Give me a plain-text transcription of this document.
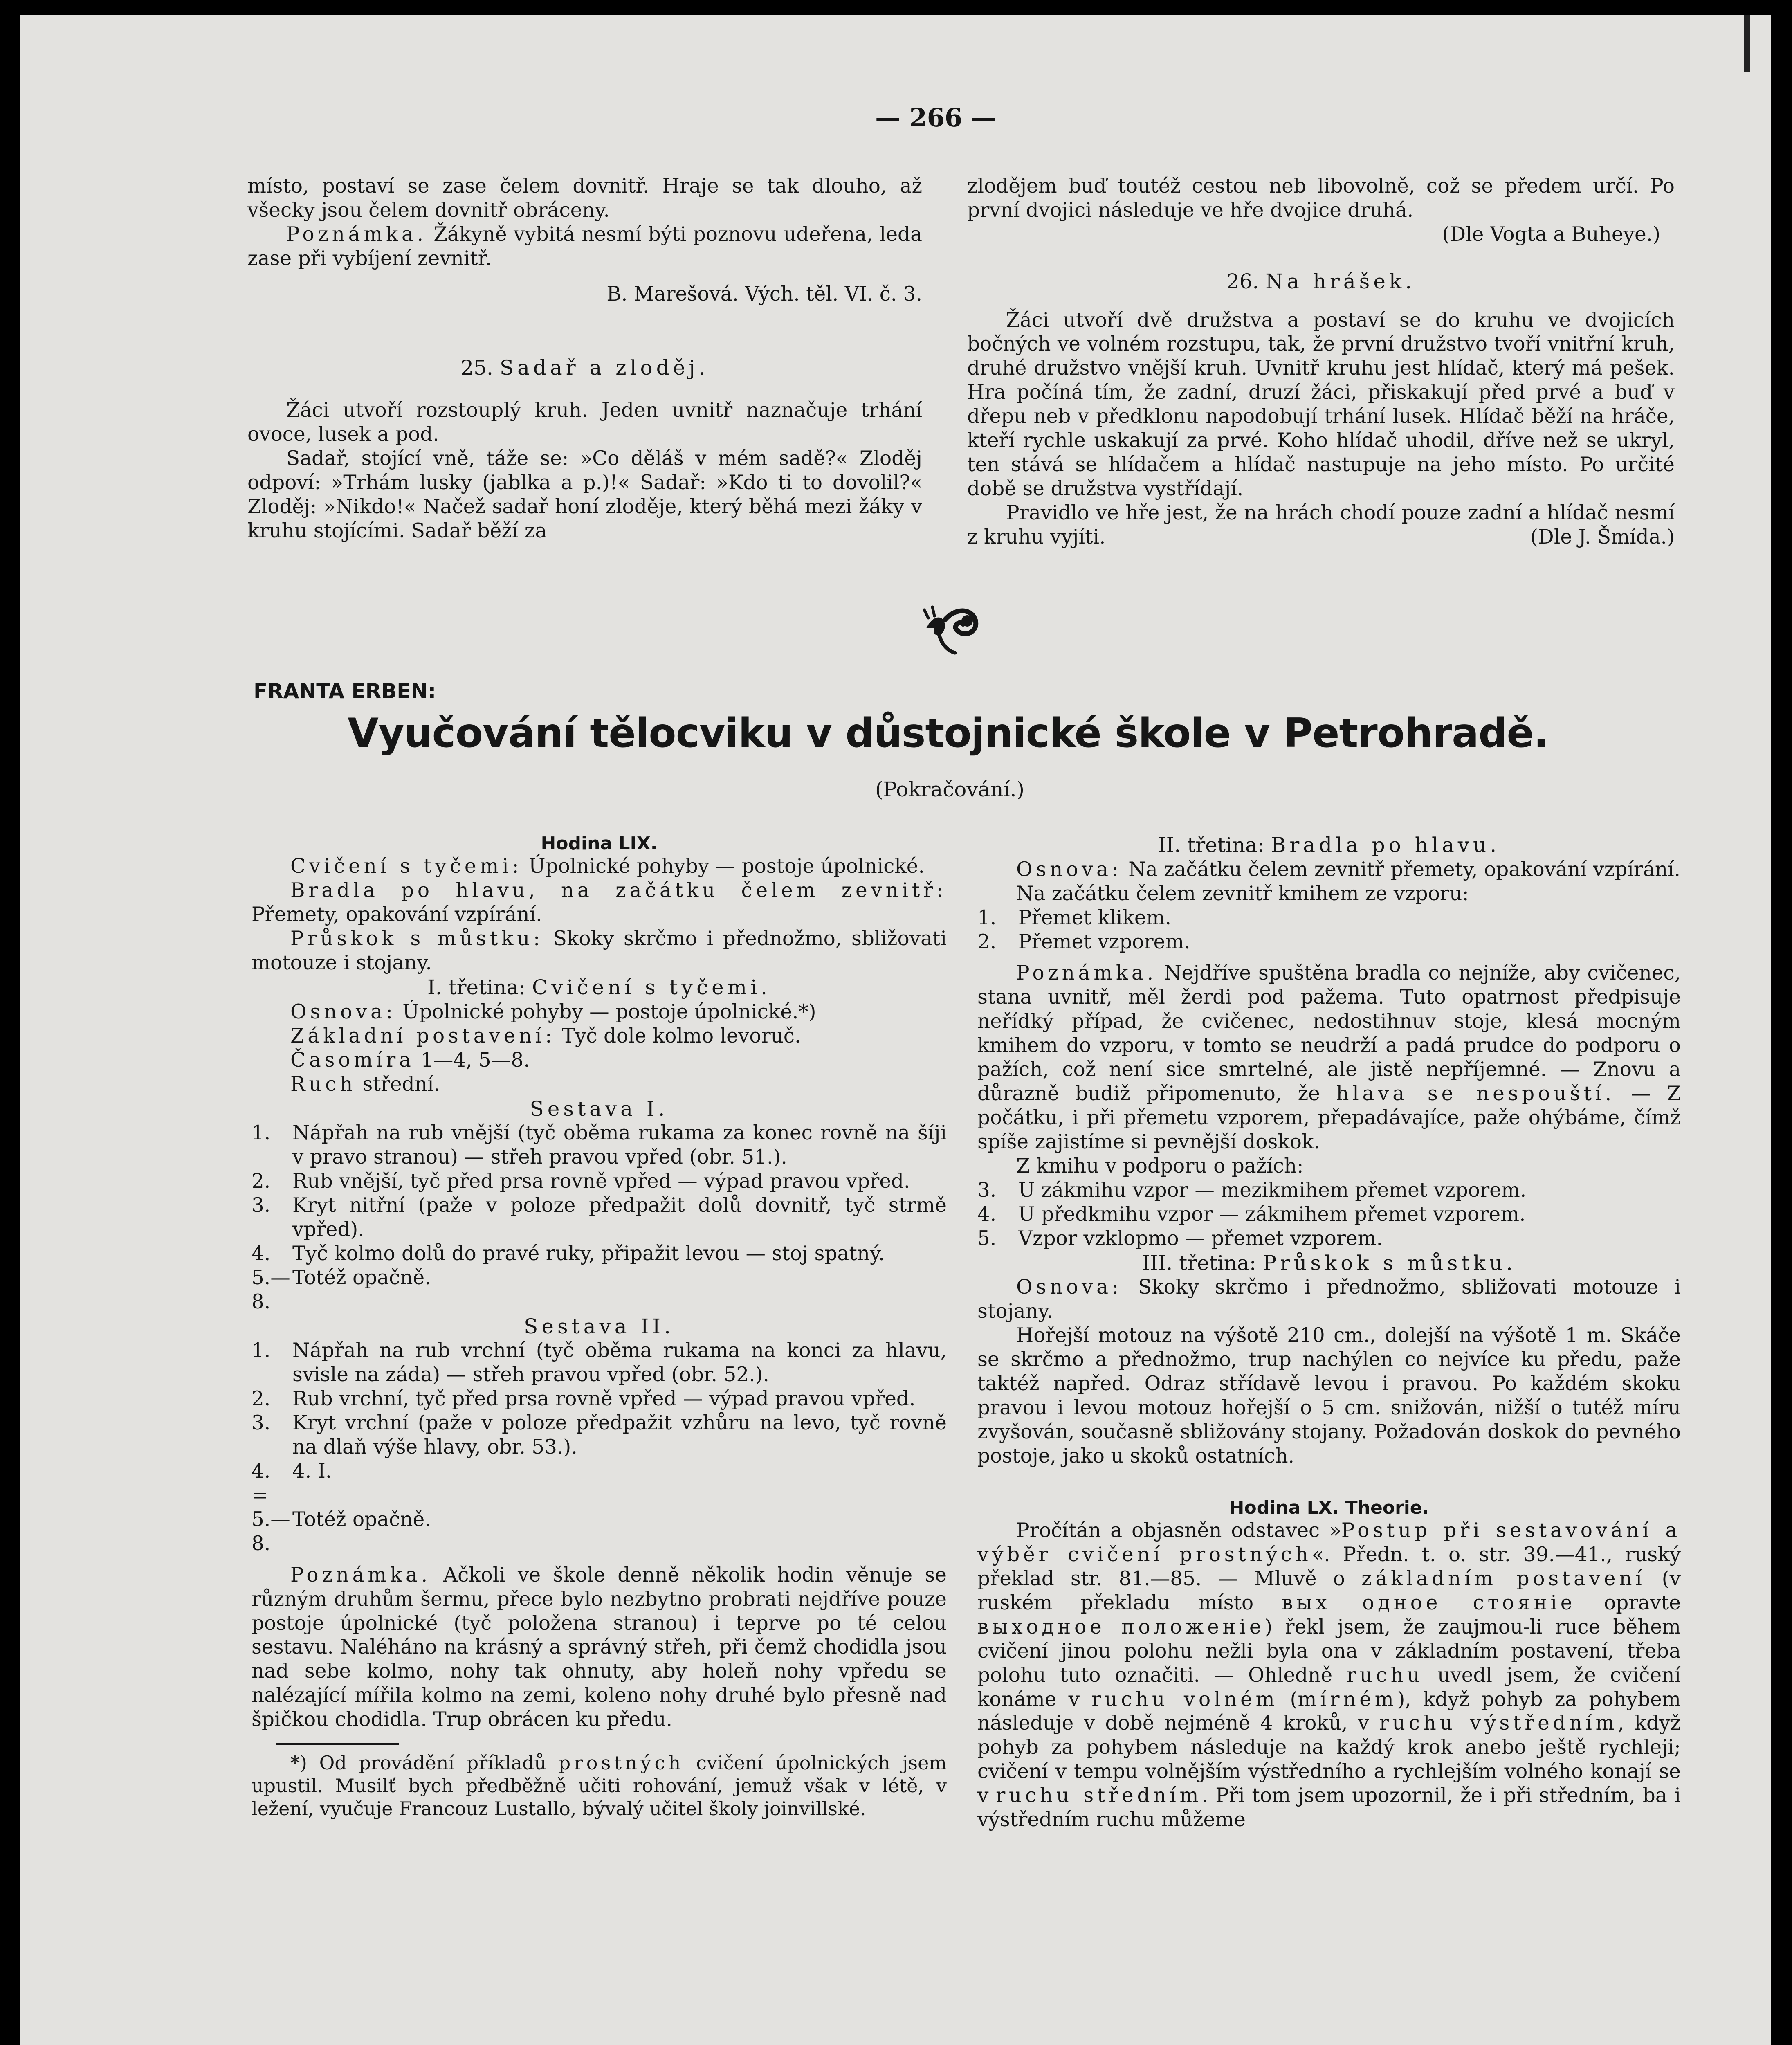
— 266 —

místo, postaví se zase čelem dovnitř. Hraje se tak dlouho, až všecky jsou čelem dovnitř obráceny.

Poznámka. Žákyně vybitá nesmí býti poznovu udeřena, leda zase při vybíjení zevnitř.

B. Marešová. Vých. těl. VI. č. 3.

25. Sadař a zloděj.

Žáci utvoří rozstouplý kruh. Jeden uvnitř naznačuje trhání ovoce, lusek a pod.

Sadař, stojící vně, táže se: »Co děláš v mém sadě?« Zloděj odpoví: »Trhám lusky (jablka a p.)!« Sadař: »Kdo ti to dovolil?« Zloděj: »Nikdo!« Načež sadař honí zloděje, který běhá mezi žáky v kruhu stojícími. Sadař běží za

zlodějem buď toutéž cestou neb libovolně, což se předem určí. Po první dvojici následuje ve hře dvojice druhá.

(Dle Vogta a Buheye.)

26. Na hrášek.

Žáci utvoří dvě družstva a postaví se do kruhu ve dvojicích bočných ve volném rozstupu, tak, že první družstvo tvoří vnitřní kruh, druhé družstvo vnější kruh. Uvnitř kruhu jest hlídač, který má pešek. Hra počíná tím, že zadní, druzí žáci, přiskakují před prvé a buď v dřepu neb v předklonu napodobují trhání lusek. Hlídač běží na hráče, kteří rychle uskakují za prvé. Koho hlídač uhodil, dříve než se ukryl, ten stává se hlídačem a hlídač nastupuje na jeho místo. Po určité době se družstva vystřídají.

Pravidlo ve hře jest, že na hrách chodí pouze zadní a hlídač nesmí z kruhu vyjíti.	(Dle J. Šmída.)

FRANTA ERBEN:
Vyučování tělocviku v důstojnické škole v Petrohradě.
(Pokračování.)

Hodina LIX.

Cvičení s tyčemi: Úpolnické pohyby — postoje úpolnické.

Bradla po hlavu, na začátku čelem zevnitř: Přemety, opakování vzpírání.

Průskok s můstku: Skoky skrčmo i přednožmo, sbližovati motouze i stojany.

I. třetina: Cvičení s tyčemi.

Osnova: Úpolnické pohyby — postoje úpolnické.*)

Základní postavení: Tyč dole kolmo levoruč.

Časomíra 1—4, 5—8.

Ruch střední.

Sestava I.

1.	Nápřah na rub vnější (tyč oběma rukama za konec rovně na šíji v pravo stranou) — střeh pravou vpřed (obr. 51.).
2.	Rub vnější, tyč před prsa rovně vpřed — výpad pravou vpřed.
3.	Kryt nitřní (paže v poloze předpažit dolů dovnitř, tyč strmě vpřed).
4.	Tyč kolmo dolů do pravé ruky, připažit levou — stoj spatný.
5.—8.
Totéž opačně.

Sestava II.

1.	Nápřah na rub vrchní (tyč oběma rukama na konci za hlavu, svisle na záda) — střeh pravou vpřed (obr. 52.).
2.	Rub vrchní, tyč před prsa rovně vpřed — výpad pravou vpřed.
3.	Kryt vrchní (paže v poloze předpažit vzhůru na levo, tyč rovně na dlaň výše hlavy, obr. 53.).
4. =
4. I.
5.—8.
Totéž opačně.

Poznámka. Ačkoli ve škole denně několik hodin věnuje se různým druhům šermu, přece bylo nezbytno probrati nejdříve pouze postoje úpolnické (tyč položena stranou) i teprve po té celou sestavu. Naléháno na krásný a správný střeh, při čemž chodidla jsou nad sebe kolmo, nohy tak ohnuty, aby holeň nohy vpředu se nalézající mířila kolmo na zemi, koleno nohy druhé bylo přesně nad špičkou chodidla. Trup obrácen ku předu.

*) Od provádění příkladů prostných cvičení úpolnických jsem upustil. Musilť bych předběžně učiti rohování, jemuž však v létě, v ležení, vyučuje Francouz Lustallo, bývalý učitel školy joinvillské.

II. třetina: Bradla po hlavu.

Osnova: Na začátku čelem zevnitř přemety, opakování vzpírání.

Na začátku čelem zevnitř kmihem ze vzporu:

1.	Přemet klikem.
2.	Přemet vzporem.

Poznámka. Nejdříve spuštěna bradla co nejníže, aby cvičenec, stana uvnitř, měl žerdi pod pažema. Tuto opatrnost předpisuje neřídký případ, že cvičenec, nedostihnuv stoje, klesá mocným kmihem do vzporu, v tomto se neudrží a padá prudce do podporu o pažích, což není sice smrtelné, ale jistě nepříjemné. — Znovu a důrazně budiž připomenuto, že hlava se nespouští. — Z počátku, i při přemetu vzporem, přepadávajíce, paže ohýbáme, čímž spíše zajistíme si pevnější doskok.

Z kmihu v podporu o pažích:

3.	U zákmihu vzpor — mezikmihem přemet vzporem.
4.	U předkmihu vzpor — zákmihem přemet vzporem.
5.	Vzpor vzklopmo — přemet vzporem.

III. třetina: Průskok s můstku.

Osnova: Skoky skrčmo i přednožmo, sbližovati motouze i stojany.

Hořejší motouz na výšotě 210 cm., dolejší na výšotě 1 m. Skáče se skrčmo a přednožmo, trup nachýlen co nejvíce ku předu, paže taktéž napřed. Odraz střídavě levou i pravou. Po každém skoku pravou i levou motouz hořejší o 5 cm. snižován, nižší o tutéž míru zvyšován, současně sbližovány stojany. Požadován doskok do pevného postoje, jako u skoků ostatních.

Hodina LX. Theorie.

Pročítán a objasněn odstavec »Postup při sestavování a výběr cvičení prostných«. Předn. t. o. str. 39.—41., ruský překlad str. 81.—85. — Mluvě o základním postavení (v ruském překladu místo вых одное стояніе opravte выходное положеніе) řekl jsem, že zaujmou-li ruce během cvičení jinou polohu nežli byla ona v základním postavení, třeba polohu tuto označiti. — Ohledně ruchu uvedl jsem, že cvičení konáme v ruchu volném (mírném), když pohyb za pohybem následuje v době nejméně 4 kroků, v ruchu výstředním, když pohyb za pohybem následuje na každý krok anebo ještě rychleji; cvičení v tempu volnějším výstředního a rychlejším volného konají se v ruchu středním. Při tom jsem upozornil, že i při středním, ba i výstředním ruchu můžeme
